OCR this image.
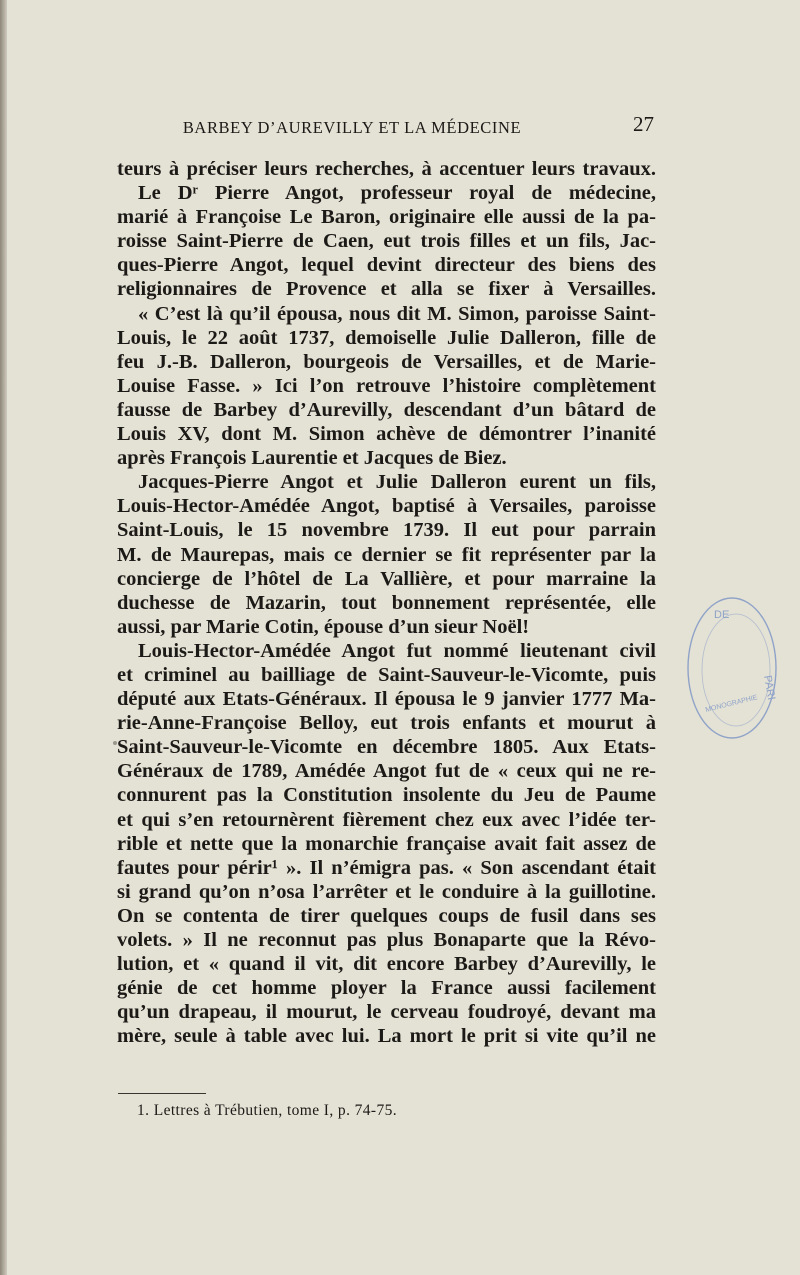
BARBEY D’AUREVILLY ET LA MÉDECINE	27
teurs à préciser leurs recherches, à accentuer leurs travaux.
Le Dʳ Pierre Angot, professeur royal de médecine,
marié à Françoise Le Baron, originaire elle aussi de la pa-
roisse Saint-Pierre de Caen, eut trois filles et un fils, Jac-
ques-Pierre Angot, lequel devint directeur des biens des
religionnaires de Provence et alla se fixer à Versailles.
« C’est là qu’il épousa, nous dit M. Simon, paroisse Saint-
Louis, le 22 août 1737, demoiselle Julie Dalleron, fille de
feu J.-B. Dalleron, bourgeois de Versailles, et de Marie-
Louise Fasse. » Ici l’on retrouve l’histoire complètement
fausse de Barbey d’Aurevilly, descendant d’un bâtard de
Louis XV, dont M. Simon achève de démontrer l’inanité
après François Laurentie et Jacques de Biez.
Jacques-Pierre Angot et Julie Dalleron eurent un fils,
Louis-Hector-Amédée Angot, baptisé à Versailes, paroisse
Saint-Louis, le 15 novembre 1739. Il eut pour parrain
M. de Maurepas, mais ce dernier se fit représenter par la
concierge de l’hôtel de La Vallière, et pour marraine la
duchesse de Mazarin, tout bonnement représentée, elle
aussi, par Marie Cotin, épouse d’un sieur Noël!
Louis-Hector-Amédée Angot fut nommé lieutenant civil
et criminel au bailliage de Saint-Sauveur-le-Vicomte, puis
député aux Etats-Généraux. Il épousa le 9 janvier 1777 Ma-
rie-Anne-Françoise Belloy, eut trois enfants et mourut à
Saint-Sauveur-le-Vicomte en décembre 1805. Aux Etats-
Généraux de 1789, Amédée Angot fut de « ceux qui ne re-
connurent pas la Constitution insolente du Jeu de Paume
et qui s’en retournèrent fièrement chez eux avec l’idée ter-
rible et nette que la monarchie française avait fait assez de
fautes pour périr¹ ». Il n’émigra pas. « Son ascendant était
si grand qu’on n’osa l’arrêter et le conduire à la guillotine.
On se contenta de tirer quelques coups de fusil dans ses
volets. » Il ne reconnut pas plus Bonaparte que la Révo-
lution, et « quand il vit, dit encore Barbey d’Aurevilly, le
génie de cet homme ployer la France aussi facilement
qu’un drapeau, il mourut, le cerveau foudroyé, devant ma
mère, seule à table avec lui. La mort le prit si vite qu’il ne
DE
PARI
MONOGRAPHIE
1. Lettres à Trébutien, tome I, p. 74-75.
